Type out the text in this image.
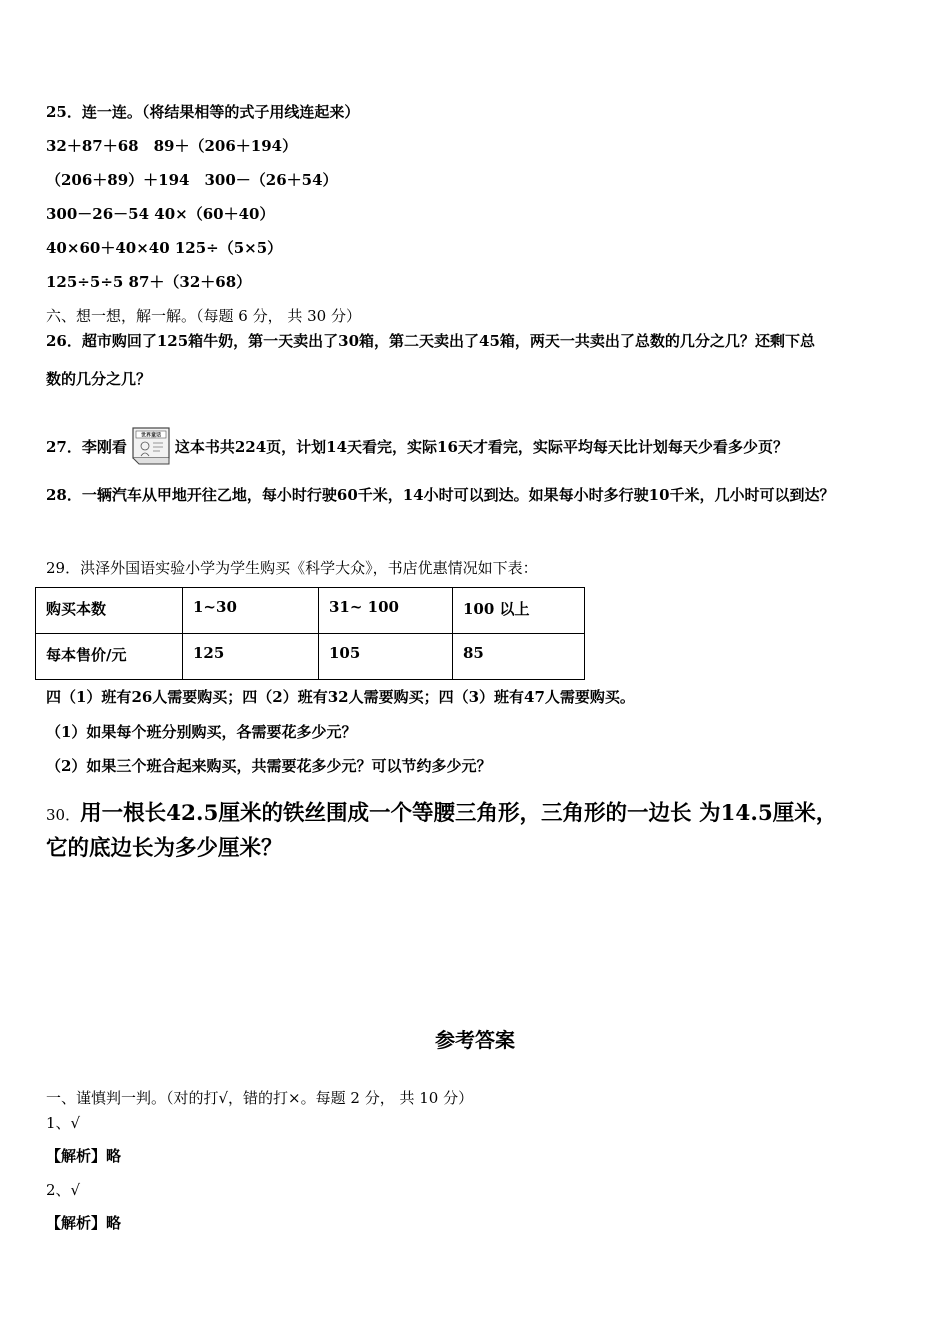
25．连一连。（将结果相等的式子用线连起来）
32＋87＋68　89＋（206＋194）
（206＋89）＋194　300－（26＋54）
300－26－54 40×（60＋40）
40×60＋40×40 125÷（5×5）
125÷5÷5 87＋（32＋68）
六、想一想，解一解。（每题 6 分， 共 30 分）
26．超市购回了125箱牛奶，第一天卖出了30箱，第二天卖出了45箱，两天一共卖出了总数的几分之几？还剩下总
数的几分之几？
27．李刚看
世界童话
这本书共224页，计划14天看完，实际16天才看完，实际平均每天比计划每天少看多少页？
28．一辆汽车从甲地开往乙地，每小时行驶60千米，14小时可以到达。如果每小时多行驶10千米，几小时可以到达？
29．洪泽外国语实验小学为学生购买《科学大众》，书店优惠情况如下表：
购买本数	1~30	31~ 100	100 以上
每本售价/元	125	105	85
四（1）班有26人需要购买；四（2）班有32人需要购买；四（3）班有47人需要购买。
（1）如果每个班分别购买，各需要花多少元？
（2）如果三个班合起来购买，共需要花多少元？可以节约多少元？
30．用一根长42.5厘米的铁丝围成一个等腰三角形，三角形的一边长 为14.5厘米，
它的底边长为多少厘米？
参考答案
一、谨慎判一判。（对的打√，错的打×。每题 2 分， 共 10 分）
1、√
【解析】略
2、√
【解析】略
